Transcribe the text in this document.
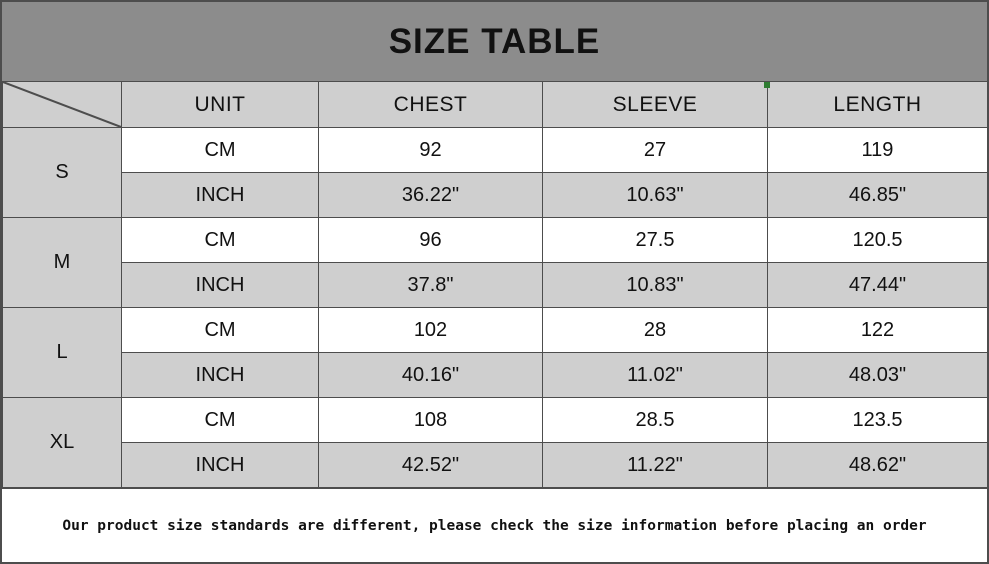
SIZE TABLE
	UNIT	CHEST	SLEEVE	LENGTH
S	CM	92	27	119
	INCH	36.22"	10.63"	46.85"
M	CM	96	27.5	120.5
	INCH	37.8"	10.83"	47.44"
L	CM	102	28	122
	INCH	40.16"	11.02"	48.03"
XL	CM	108	28.5	123.5
	INCH	42.52"	11.22"	48.62"
Our product size standards are different, please check the size information before placing an order
